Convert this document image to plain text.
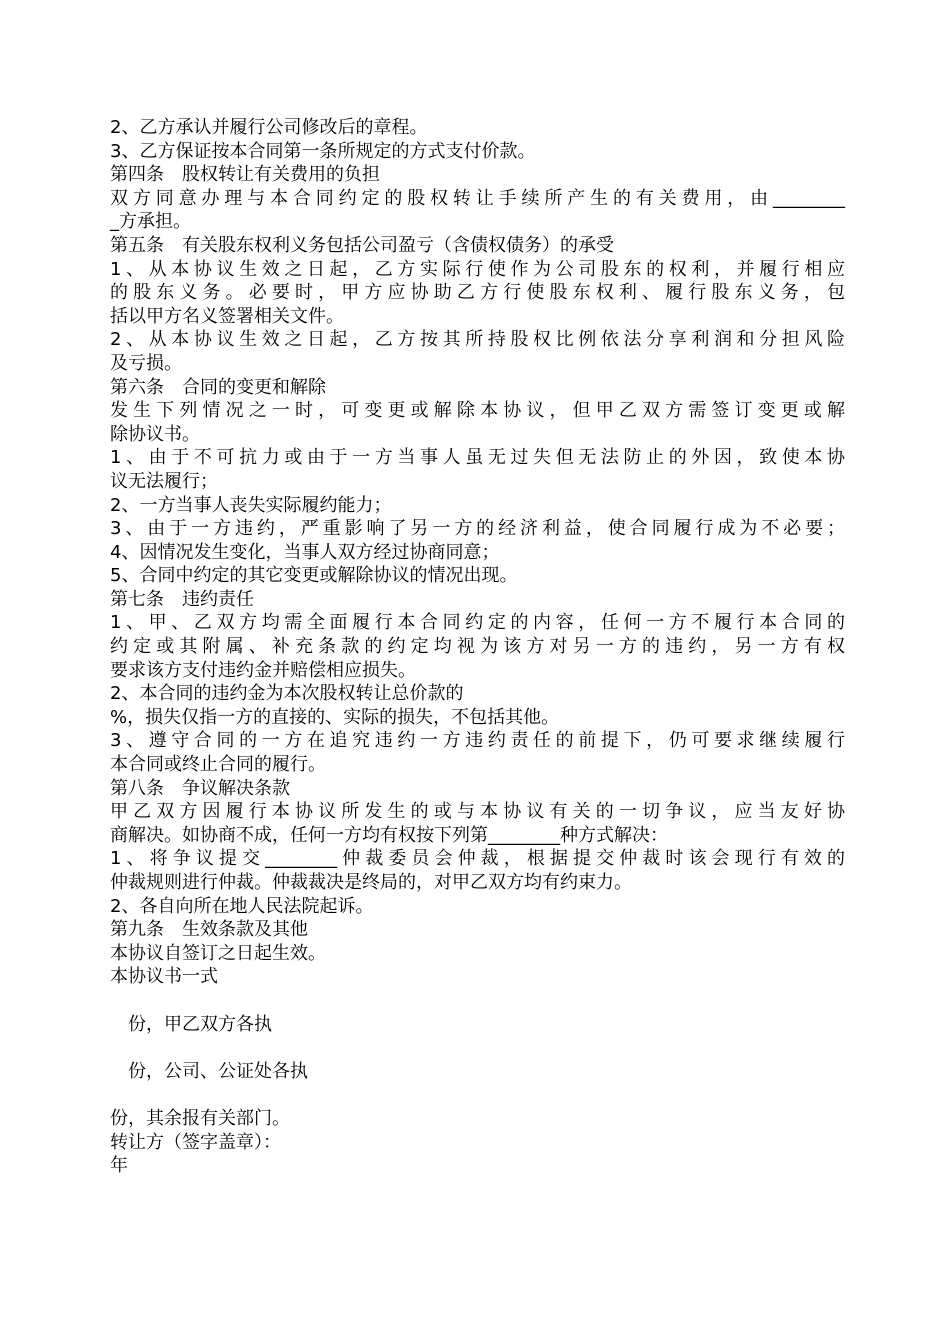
2、乙方承认并履行公司修改后的章程。
3、乙方保证按本合同第一条所规定的方式支付价款。
第四条　股权转让有关费用的负担
双方同意办理与本合同约定的股权转让手续所产生的有关费用，由________
_方承担。
第五条　有关股东权利义务包括公司盈亏（含债权债务）的承受
1、从本协议生效之日起，乙方实际行使作为公司股东的权利，并履行相应
的股东义务。必要时，甲方应协助乙方行使股东权利、履行股东义务，包
括以甲方名义签署相关文件。
2、从本协议生效之日起，乙方按其所持股权比例依法分享利润和分担风险
及亏损。
第六条　合同的变更和解除
发生下列情况之一时，可变更或解除本协议，但甲乙双方需签订变更或解
除协议书。
1、由于不可抗力或由于一方当事人虽无过失但无法防止的外因，致使本协
议无法履行；
2、一方当事人丧失实际履约能力；
3、由于一方违约，严重影响了另一方的经济利益，使合同履行成为不必要；
4、因情况发生变化，当事人双方经过协商同意；
5、合同中约定的其它变更或解除协议的情况出现。
第七条　违约责任
1、甲、乙双方均需全面履行本合同约定的内容，任何一方不履行本合同的
约定或其附属、补充条款的约定均视为该方对另一方的违约，另一方有权
要求该方支付违约金并赔偿相应损失。
2、本合同的违约金为本次股权转让总价款的
%，损失仅指一方的直接的、实际的损失，不包括其他。
3、遵守合同的一方在追究违约一方违约责任的前提下，仍可要求继续履行
本合同或终止合同的履行。
第八条　争议解决条款
甲乙双方因履行本协议所发生的或与本协议有关的一切争议，应当友好协
商解决。如协商不成，任何一方均有权按下列第________种方式解决：
1、将争议提交________仲裁委员会仲裁，根据提交仲裁时该会现行有效的
仲裁规则进行仲裁。仲裁裁决是终局的，对甲乙双方均有约束力。
2、各自向所在地人民法院起诉。
第九条　生效条款及其他
本协议自签订之日起生效。
本协议书一式
　份，甲乙双方各执
　份，公司、公证处各执
份，其余报有关部门。
转让方（签字盖章）：
年
